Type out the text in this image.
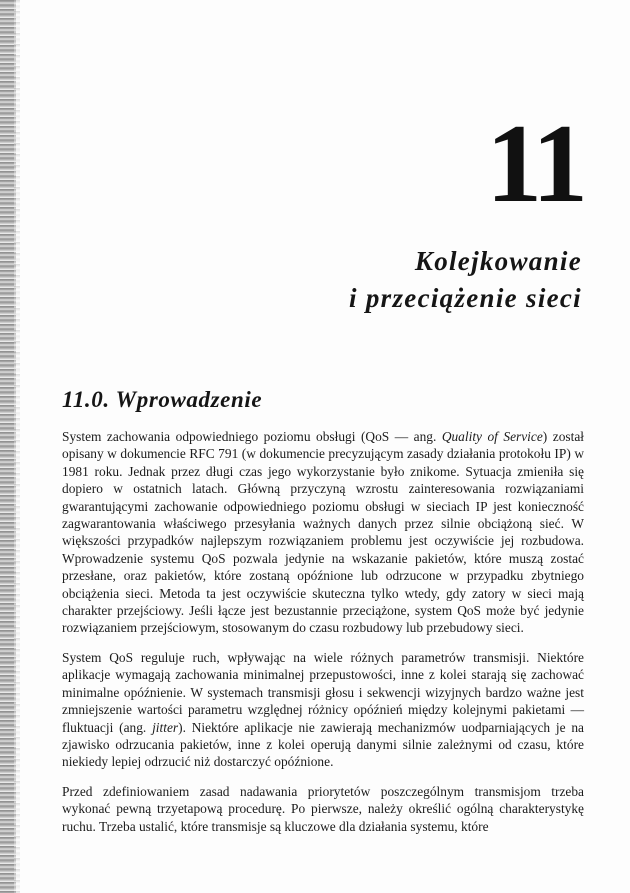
11
Kolejkowanie
i przeciążenie sieci
11.0. Wprowadzenie

System zachowania odpowiedniego poziomu obsługi (QoS — ang. Quality of Service) został opisany w dokumencie RFC 791 (w dokumencie precyzującym zasady działania protokołu IP) w 1981 roku. Jednak przez długi czas jego wykorzystanie było znikome. Sytuacja zmieniła się dopiero w ostatnich latach. Główną przyczyną wzrostu zainteresowania rozwiązaniami gwarantującymi zachowanie odpowiedniego poziomu obsługi w sieciach IP jest konieczność zagwarantowania właściwego przesyłania ważnych danych przez silnie obciążoną sieć. W większości przypadków najlepszym rozwiązaniem problemu jest oczywiście jej rozbudowa. Wprowadzenie systemu QoS pozwala jedynie na wskazanie pakietów, które muszą zostać przesłane, oraz pakietów, które zostaną opóźnione lub odrzucone w przypadku zbytniego obciążenia sieci. Metoda ta jest oczywiście skuteczna tylko wtedy, gdy zatory w sieci mają charakter przejściowy. Jeśli łącze jest bezustannie przeciążone, system QoS może być jedynie rozwiązaniem przejściowym, stosowanym do czasu rozbudowy lub przebudowy sieci.

System QoS reguluje ruch, wpływając na wiele różnych parametrów transmisji. Niektóre aplikacje wymagają zachowania minimalnej przepustowości, inne z kolei starają się zachować minimalne opóźnienie. W systemach transmisji głosu i sekwencji wizyjnych bardzo ważne jest zmniejszenie wartości parametru względnej różnicy opóźnień między kolejnymi pakietami — fluktuacji (ang. jitter). Niektóre aplikacje nie zawierają mechanizmów uodparniających je na zjawisko odrzucania pakietów, inne z kolei operują danymi silnie zależnymi od czasu, które niekiedy lepiej odrzucić niż dostarczyć opóźnione.

Przed zdefiniowaniem zasad nadawania priorytetów poszczególnym transmisjom trzeba wykonać pewną trzyetapową procedurę. Po pierwsze, należy określić ogólną charakterystykę ruchu. Trzeba ustalić, które transmisje są kluczowe dla działania systemu, które
